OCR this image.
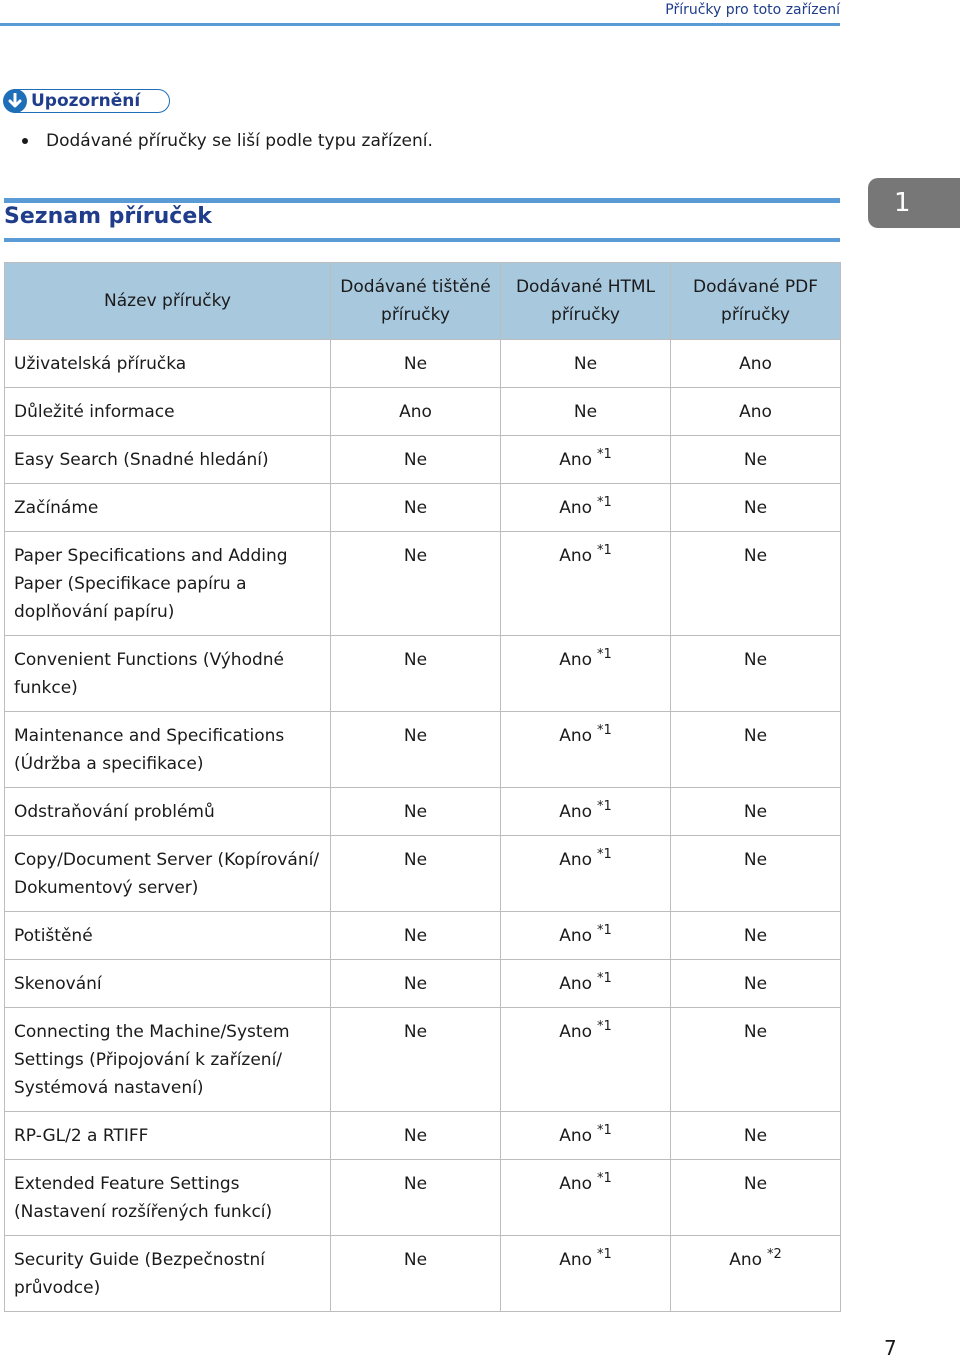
Příručky pro toto zařízení
Upozornění
Dodávané příručky se liší podle typu zařízení.
Seznam příruček	1
Název příručky	Dodávané tištěné příručky	Dodávané HTML příručky	Dodávané PDF příručky
Uživatelská příručka	Ne	Ne	Ano
Důležité informace	Ano	Ne	Ano
Easy Search (Snadné hledání)	Ne	Ano $^{*1}$	Ne
Začínáme	Ne	Ano $^{*1}$	Ne
Paper Specifications and Adding Paper (Specifikace papíru a doplňování papíru)	Ne	Ano $^{*1}$	Ne
Convenient Functions (Výhodné funkce)	Ne	Ano $^{*1}$	Ne
Maintenance and Specifications (Údržba a specifikace)	Ne	Ano $^{*1}$	Ne
Odstraňování problémů	Ne	Ano $^{*1}$	Ne
Copy/Document Server (Kopírování/ Dokumentový server)	Ne	Ano $^{*1}$	Ne
Potištěné	Ne	Ano $^{*1}$	Ne
Skenování	Ne	Ano $^{*1}$	Ne
Connecting the Machine/System Settings (Připojování k zařízení/ Systémová nastavení)	Ne	Ano $^{*1}$	Ne
RP-GL/2 a RTIFF	Ne	Ano $^{*1}$	Ne
Extended Feature Settings (Nastavení rozšířených funkcí)	Ne	Ano $^{*1}$	Ne
Security Guide (Bezpečnostní průvodce)	Ne	Ano $^{*1}$	Ano $^{*2}$
7
